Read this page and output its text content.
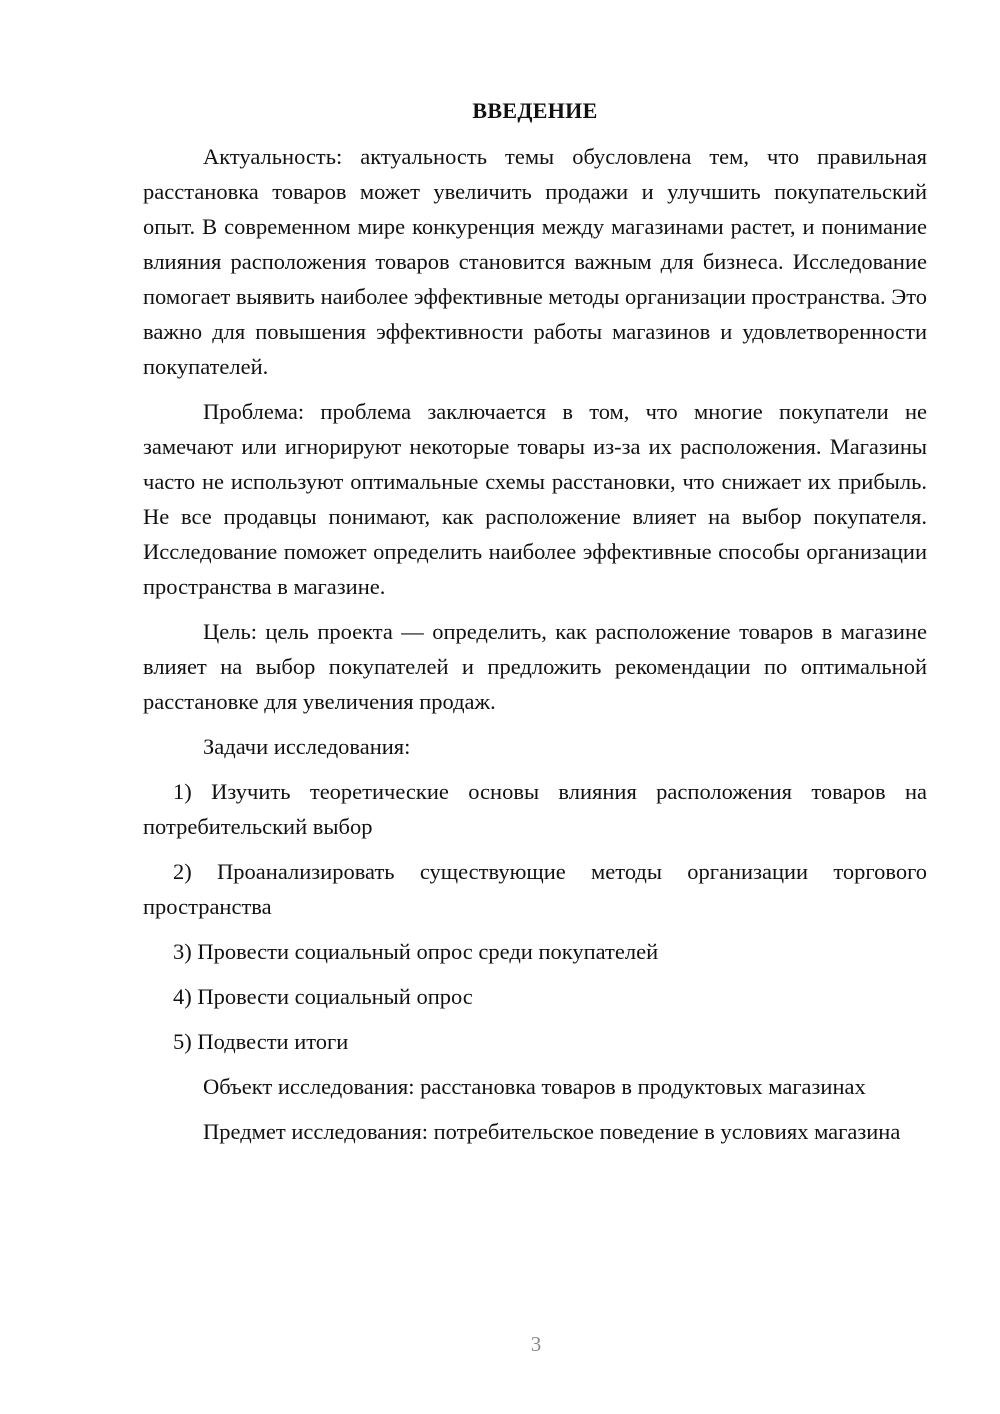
ВВЕДЕНИЕ

Актуальность: актуальность темы обусловлена тем, что правильная расстановка товаров может увеличить продажи и улучшить покупательский опыт. В современном мире конкуренция между магазинами растет, и понимание влияния расположения товаров становится важным для бизнеса. Исследование помогает выявить наиболее эффективные методы организации пространства. Это важно для повышения эффективности работы магазинов и удовлетворенности покупателей.

Проблема: проблема заключается в том, что многие покупатели не замечают или игнорируют некоторые товары из-за их расположения. Магазины часто не используют оптимальные схемы расстановки, что снижает их прибыль. Не все продавцы понимают, как расположение влияет на выбор покупателя. Исследование поможет определить наиболее эффективные способы организации пространства в магазине.

Цель: цель проекта — определить, как расположение товаров в магазине влияет на выбор покупателей и предложить рекомендации по оптимальной расстановке для увеличения продаж.

Задачи исследования:

1) Изучить теоретические основы влияния расположения товаров на потребительский выбор

2) Проанализировать существующие методы организации торгового пространства

3) Провести социальный опрос среди покупателей

4) Провести социальный опрос

5) Подвести итоги

Объект исследования: расстановка товаров в продуктовых магазинах

Предмет исследования: потребительское поведение в условиях магазина

3
